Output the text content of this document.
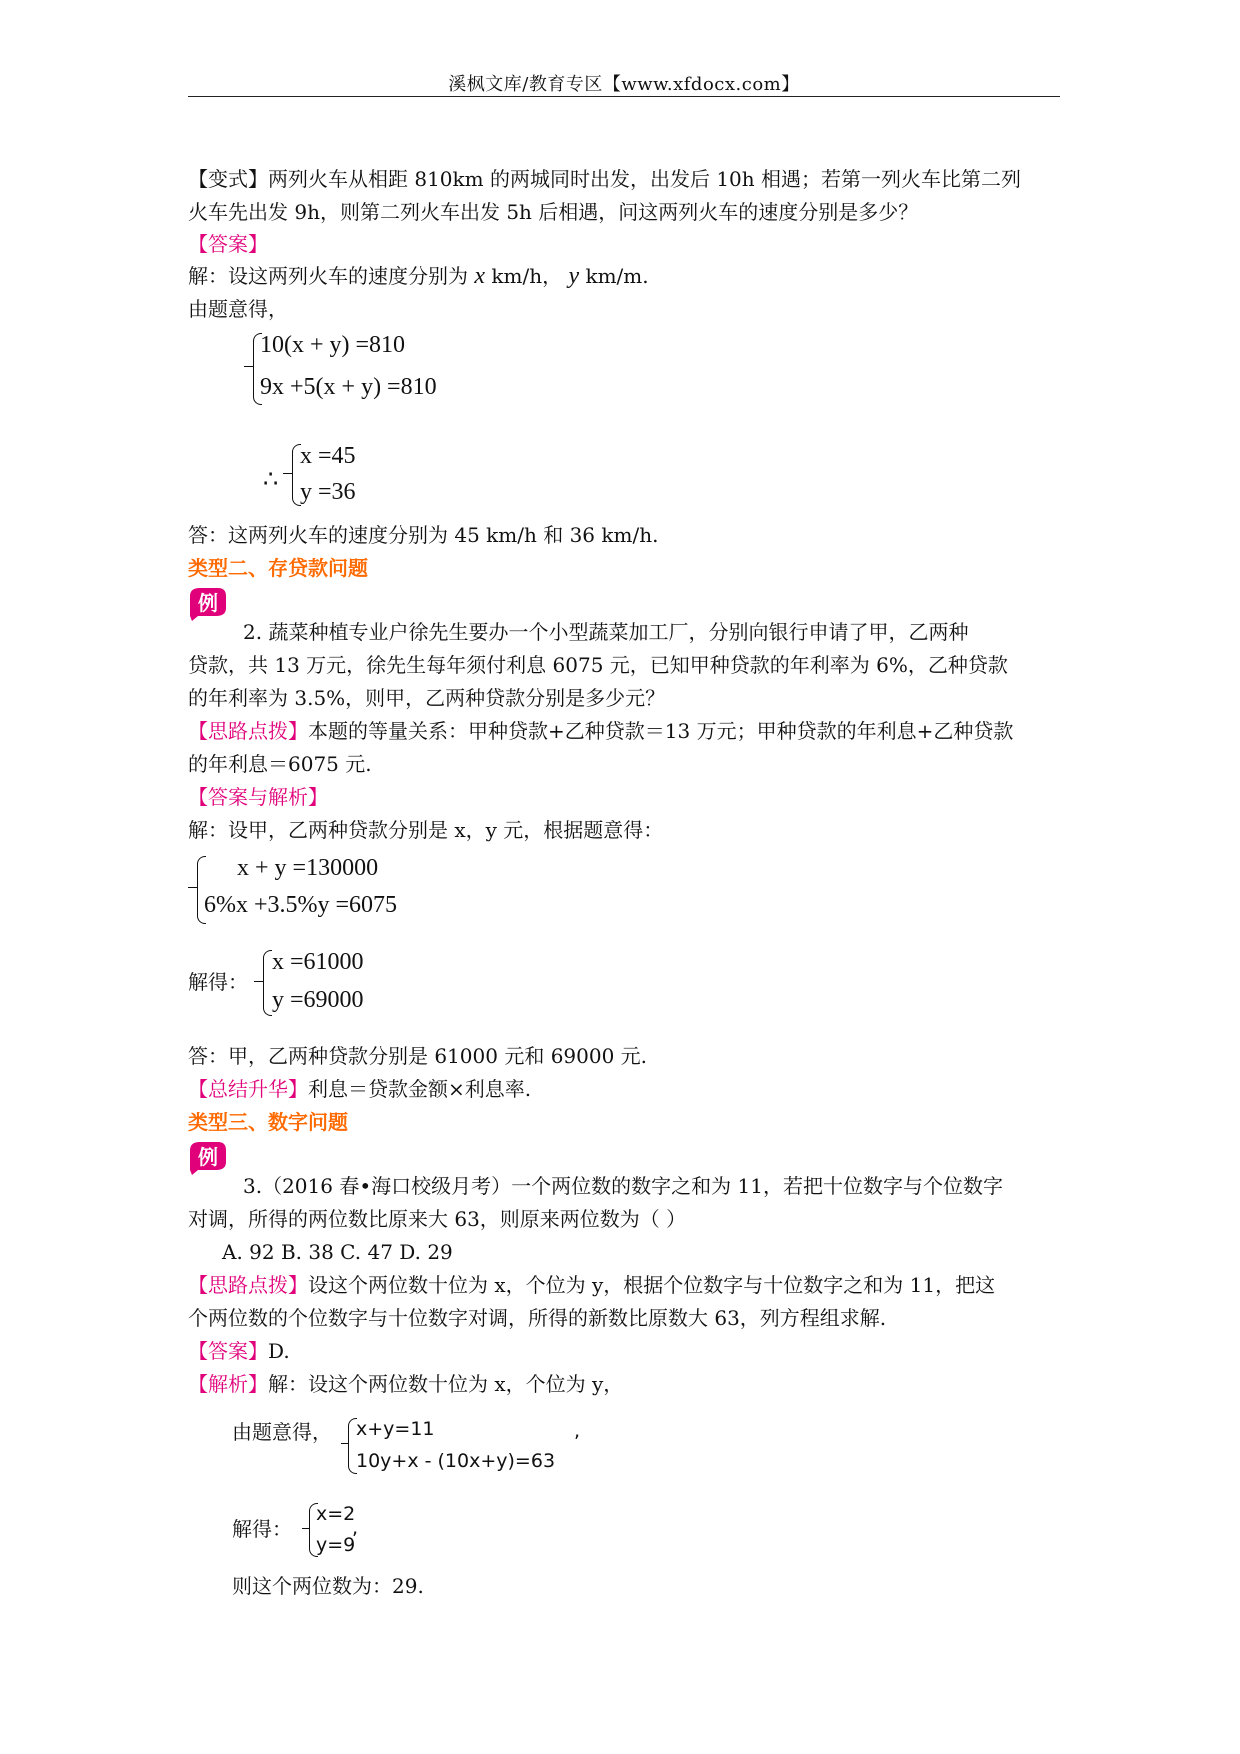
溪枫文库/教育专区【www.xfdocx.com】
【变式】两列火车从相距 810km 的两城同时出发，出发后 10h 相遇；若第一列火车比第二列
火车先出发 9h，则第二列火车出发 5h 后相遇，问这两列火车的速度分别是多少？
【答案】
解：设这两列火车的速度分别为 x km/h， y km/m.
由题意得，
10(x + y) =810
9x +5(x + y) =810
∴
x =45
y =36
答：这两列火车的速度分别为 45 km/h 和 36 km/h.
类型二、存贷款问题
例
2. 蔬菜种植专业户徐先生要办一个小型蔬菜加工厂，分别向银行申请了甲，乙两种
贷款，共 13 万元，徐先生每年须付利息 6075 元，已知甲种贷款的年利率为 6%，乙种贷款
的年利率为 3.5%，则甲，乙两种贷款分别是多少元？
【思路点拨】本题的等量关系：甲种贷款+乙种贷款＝13 万元；甲种贷款的年利息+乙种贷款
的年利息＝6075 元.
【答案与解析】
解：设甲，乙两种贷款分别是 x，y 元，根据题意得：
x + y =130000
6%x +3.5%y =6075
解得：
x =61000
y =69000
答：甲，乙两种贷款分别是 61000 元和 69000 元.
【总结升华】利息＝贷款金额×利息率.
类型三、数字问题
例
3.（2016 春•海口校级月考）一个两位数的数字之和为 11，若把十位数字与个位数字
对调，所得的两位数比原来大 63，则原来两位数为（ ）
A. 92 B. 38 C. 47 D. 29
【思路点拨】设这个两位数十位为 x，个位为 y，根据个位数字与十位数字之和为 11，把这
个两位数的个位数字与十位数字对调，所得的新数比原数大 63，列方程组求解.
【答案】D.
【解析】解：设这个两位数十位为 x，个位为 y，
由题意得， x+y=11
10y+x - (10x+y)=63
,
解得：
x=2
y=9
,
则这个两位数为：29.
